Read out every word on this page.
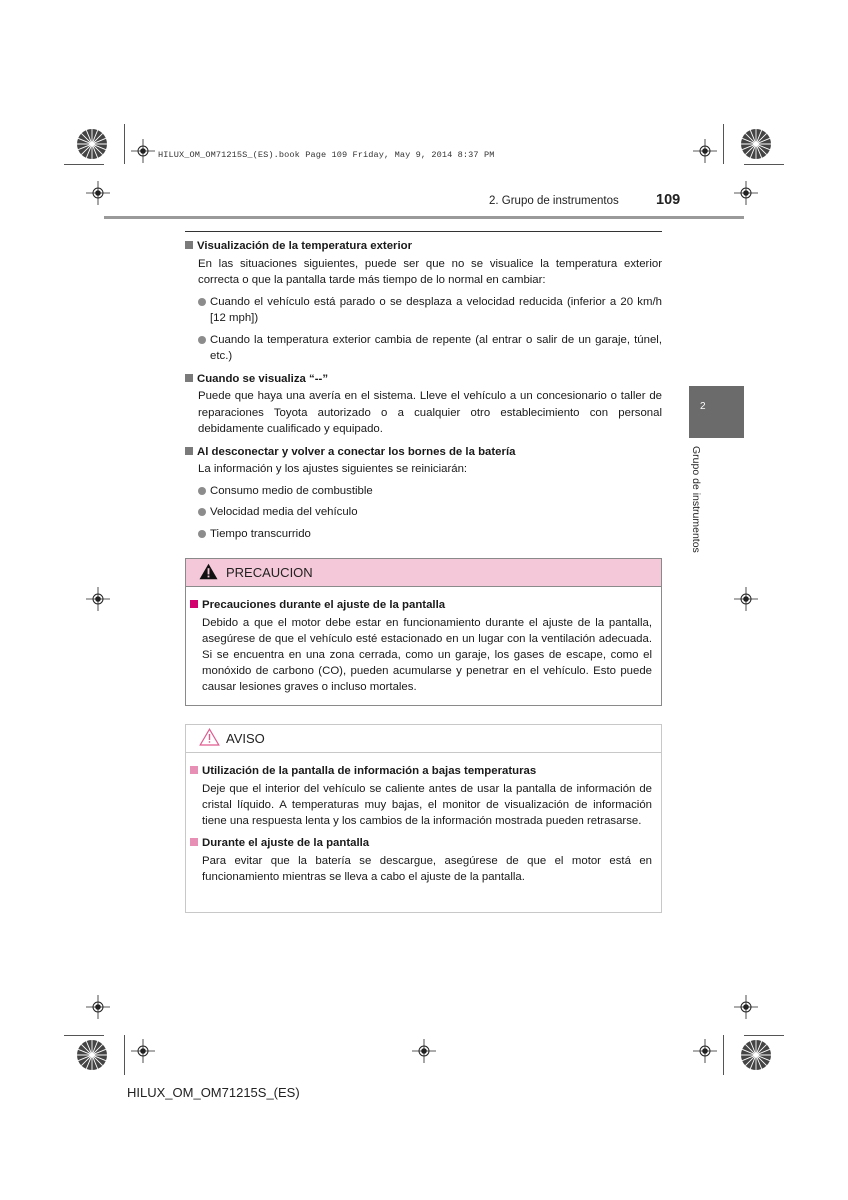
HILUX_OM_OM71215S_(ES).book Page 109 Friday, May 9, 2014 8:37 PM
2. Grupo de instrumentos	109
2
Grupo de instrumentos

Visualización de la temperatura exterior

En las situaciones siguientes, puede ser que no se visualice la temperatura exterior correcta o que la pantalla tarde más tiempo de lo normal en cambiar:

Cuando el vehículo está parado o se desplaza a velocidad reducida (inferior a 20 km/h [12 mph])
Cuando la temperatura exterior cambia de repente (al entrar o salir de un garaje, túnel, etc.)

Cuando se visualiza “--”

Puede que haya una avería en el sistema. Lleve el vehículo a un concesionario o taller de reparaciones Toyota autorizado o a cualquier otro establecimiento con personal debidamente cualificado y equipado.

Al desconectar y volver a conectar los bornes de la batería

La información y los ajustes siguientes se reiniciarán:

Consumo medio de combustible
Velocidad media del vehículo
Tiempo transcurrido
PRECAUCION

Precauciones durante el ajuste de la pantalla

Debido a que el motor debe estar en funcionamiento durante el ajuste de la pantalla, asegúrese de que el vehículo esté estacionado en un lugar con la ventilación adecuada. Si se encuentra en una zona cerrada, como un garaje, los gases de escape, como el monóxido de carbono (CO), pueden acumularse y penetrar en el vehículo. Esto puede causar lesiones graves o incluso mortales.

AVISO

Utilización de la pantalla de información a bajas temperaturas

Deje que el interior del vehículo se caliente antes de usar la pantalla de información de cristal líquido. A temperaturas muy bajas, el monitor de visualización de información tiene una respuesta lenta y los cambios de la información mostrada pueden retrasarse.

Durante el ajuste de la pantalla

Para evitar que la batería se descargue, asegúrese de que el motor está en funcionamiento mientras se lleva a cabo el ajuste de la pantalla.

HILUX_OM_OM71215S_(ES)
